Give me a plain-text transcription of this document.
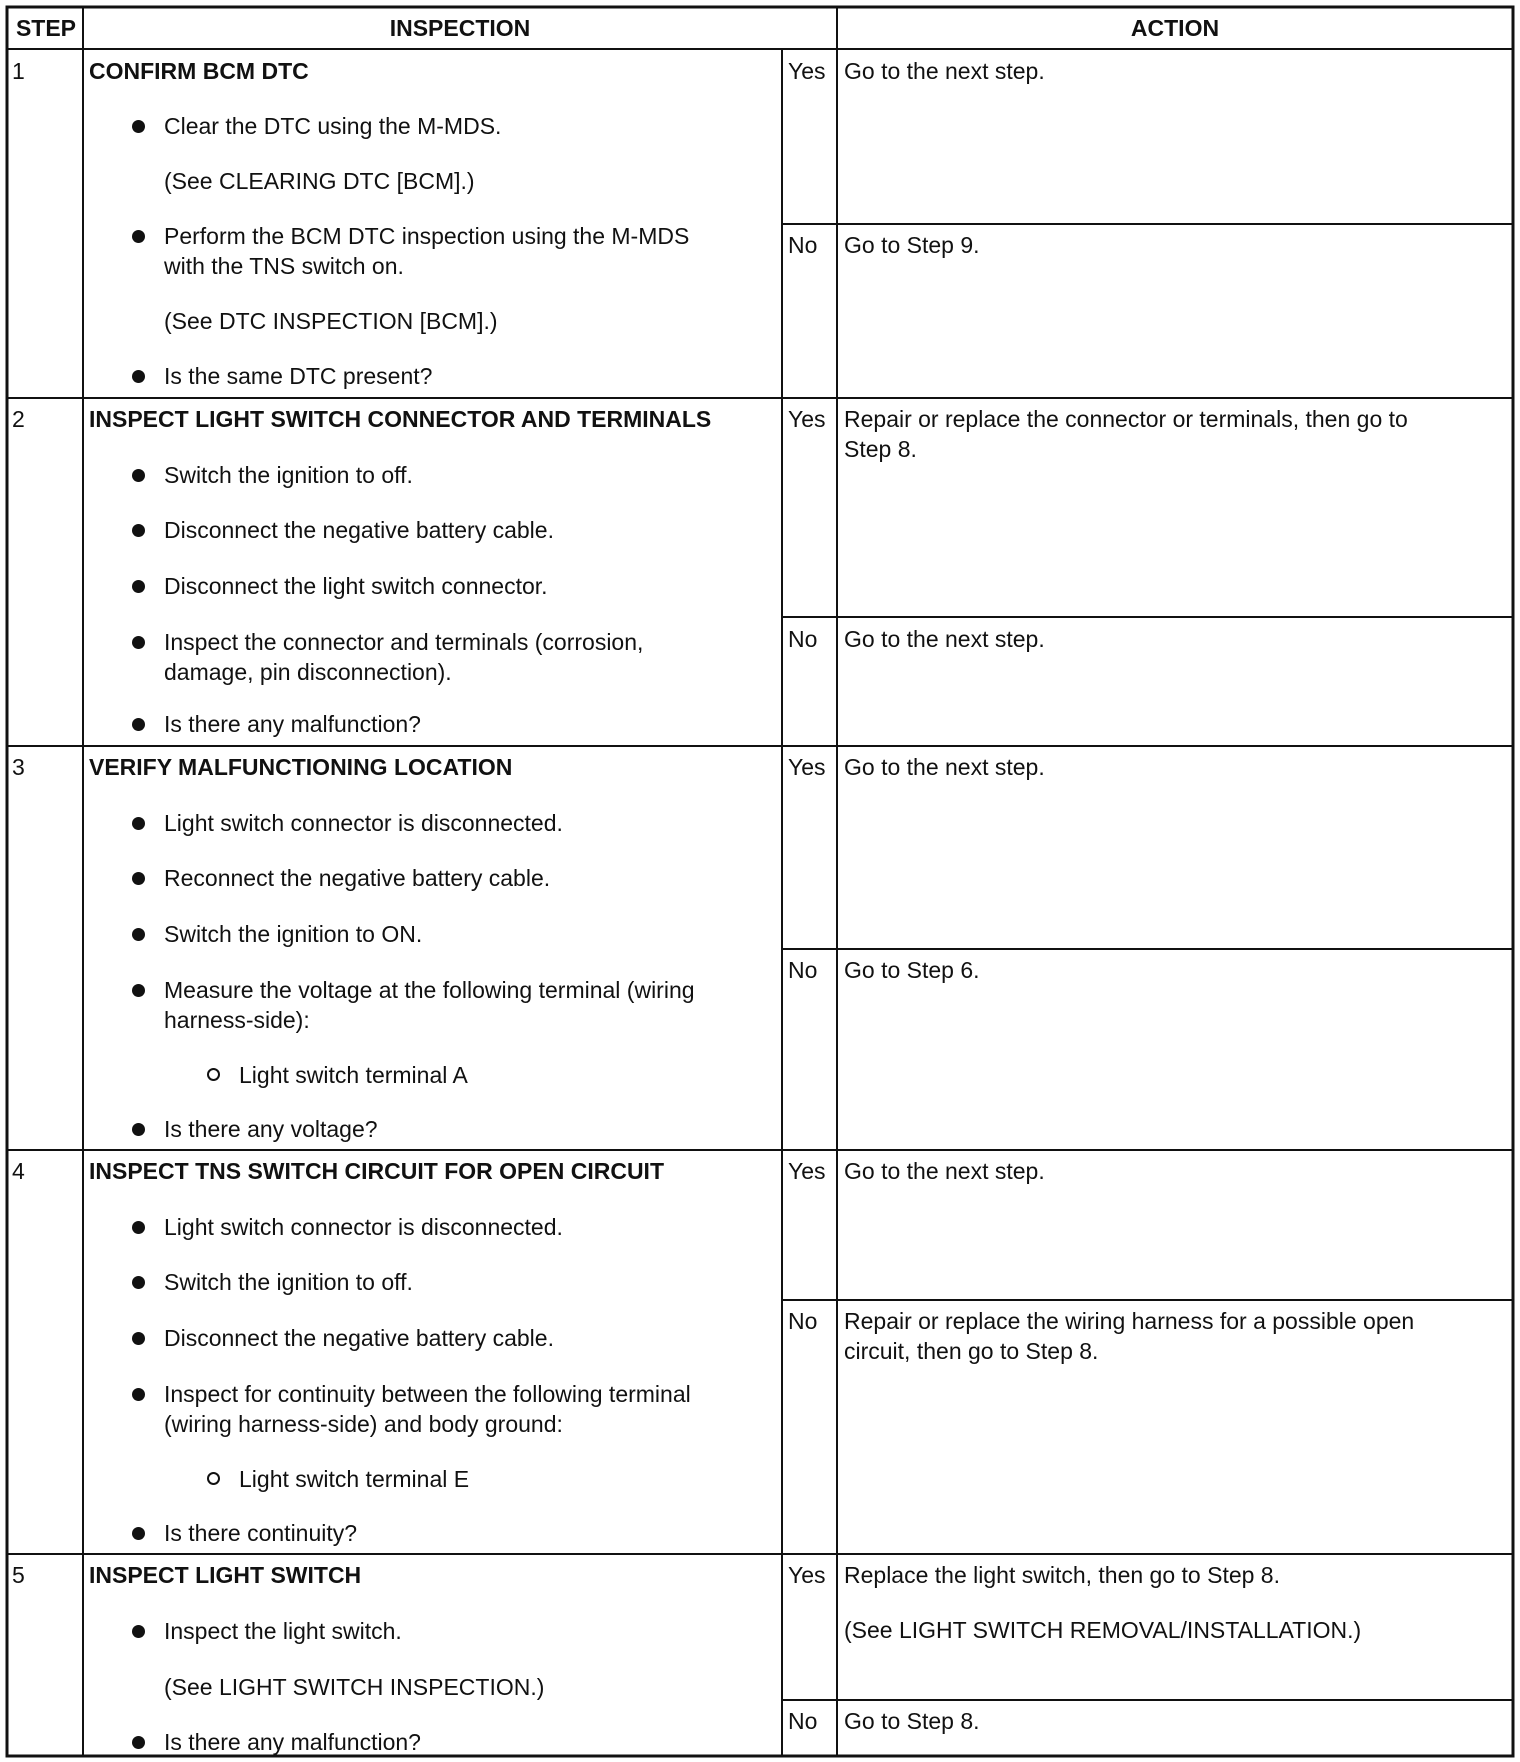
STEP	INSPECTION	ACTION
1	CONFIRM BCM DTC
Clear the DTC using the M-MDS.
(See CLEARING DTC [BCM].)
Perform the BCM DTC inspection using the M-MDS
with the TNS switch on.
(See DTC INSPECTION [BCM].)
Is the same DTC present?
Yes Go to the next step.
No Go to Step 9.
2	INSPECT LIGHT SWITCH CONNECTOR AND TERMINALS
Switch the ignition to off.
Disconnect the negative battery cable.
Disconnect the light switch connector.
Inspect the connector and terminals (corrosion,
damage, pin disconnection).
Is there any malfunction?
Yes Repair or replace the connector or terminals, then go to
Step 8.
No Go to the next step.
3	VERIFY MALFUNCTIONING LOCATION
Light switch connector is disconnected.
Reconnect the negative battery cable.
Switch the ignition to ON.
Measure the voltage at the following terminal (wiring
harness-side):
Light switch terminal A
Is there any voltage?
Yes Go to the next step.
No Go to Step 6.
4	INSPECT TNS SWITCH CIRCUIT FOR OPEN CIRCUIT
Light switch connector is disconnected.
Switch the ignition to off.
Disconnect the negative battery cable.
Inspect for continuity between the following terminal
(wiring harness-side) and body ground:
Light switch terminal E
Is there continuity?
Yes Go to the next step.
No Repair or replace the wiring harness for a possible open
circuit, then go to Step 8.
5	INSPECT LIGHT SWITCH
Inspect the light switch.
(See LIGHT SWITCH INSPECTION.)
Is there any malfunction?
Yes Replace the light switch, then go to Step 8.
(See LIGHT SWITCH REMOVAL/INSTALLATION.)
No Go to Step 8.
